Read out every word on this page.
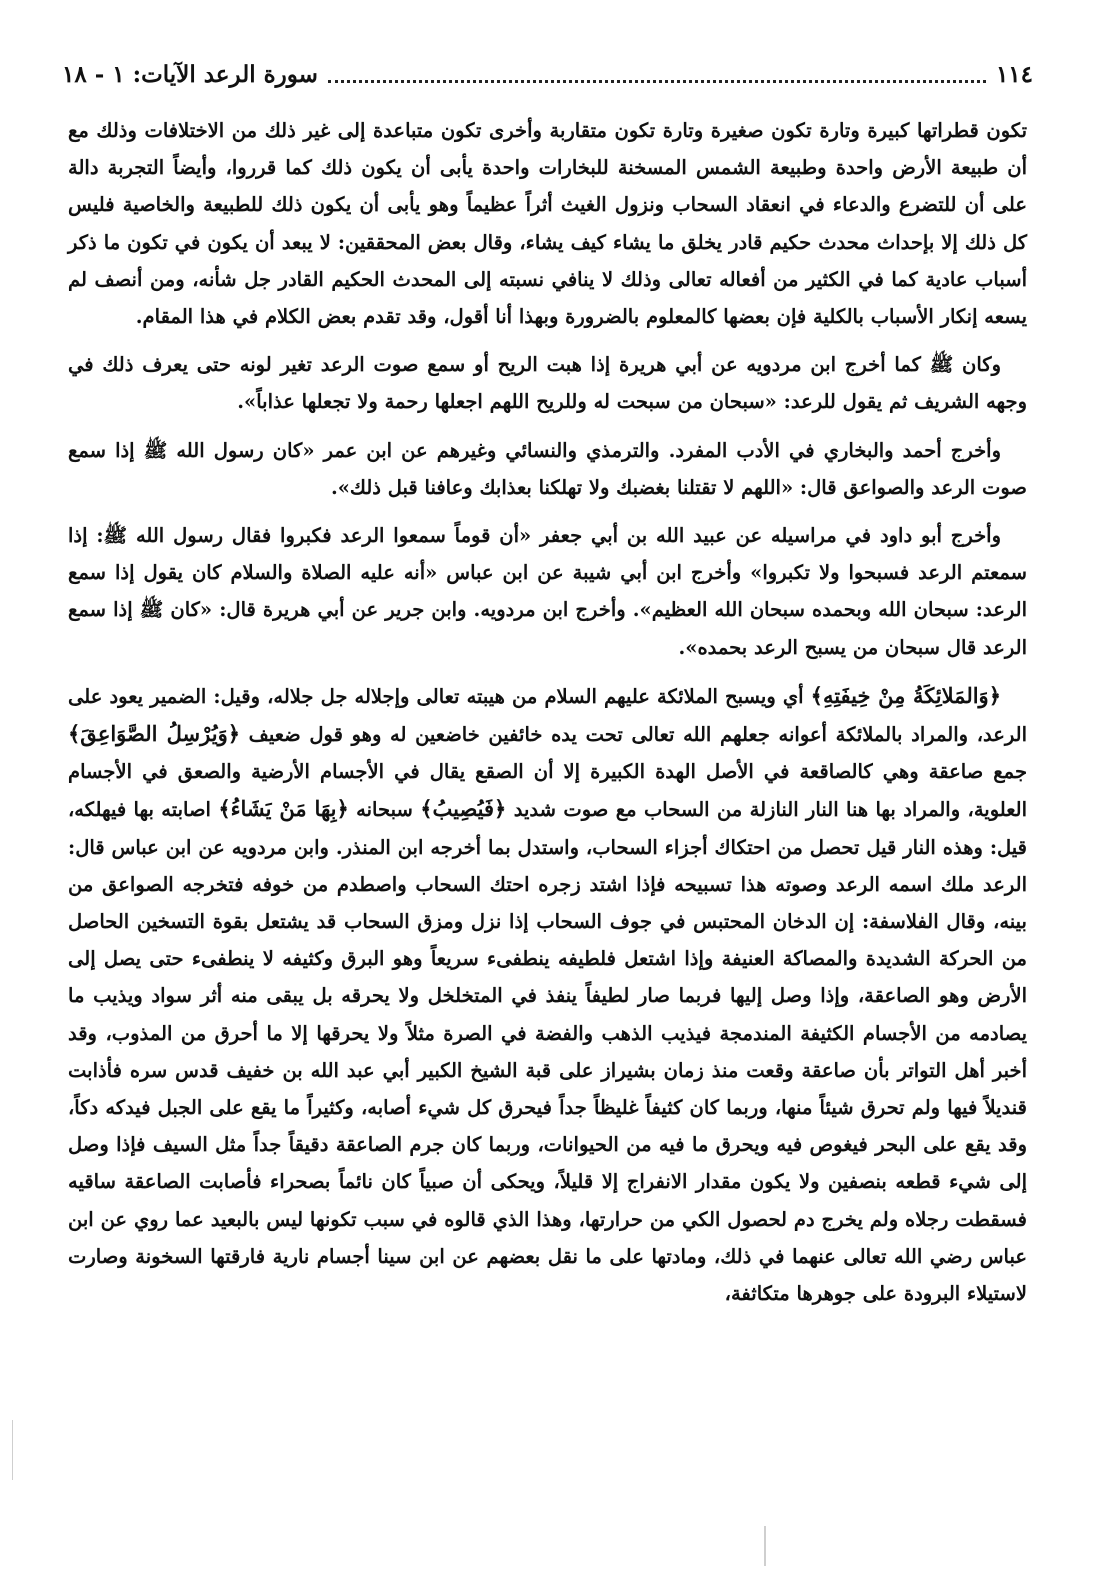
١١٤
سورة الرعد الآيات: ١ - ١٨

تكون قطراتها كبيرة وتارة تكون صغيرة وتارة تكون متقاربة وأخرى تكون متباعدة إلى غير ذلك من الاختلافات وذلك مع أن طبيعة الأرض واحدة وطبيعة الشمس المسخنة للبخارات واحدة يأبى أن يكون ذلك كما قرروا، وأيضاً التجربة دالة على أن للتضرع والدعاء في انعقاد السحاب ونزول الغيث أثراً عظيماً وهو يأبى أن يكون ذلك للطبيعة والخاصية فليس كل ذلك إلا بإحداث محدث حكيم قادر يخلق ما يشاء كيف يشاء، وقال بعض المحققين: لا يبعد أن يكون في تكون ما ذكر أسباب عادية كما في الكثير من أفعاله تعالى وذلك لا ينافي نسبته إلى المحدث الحكيم القادر جل شأنه، ومن أنصف لم يسعه إنكار الأسباب بالكلية فإن بعضها كالمعلوم بالضرورة وبهذا أنا أقول، وقد تقدم بعض الكلام في هذا المقام.

وكان ﷺ كما أخرج ابن مردويه عن أبي هريرة إذا هبت الريح أو سمع صوت الرعد تغير لونه حتى يعرف ذلك في وجهه الشريف ثم يقول للرعد: «سبحان من سبحت له وللريح اللهم اجعلها رحمة ولا تجعلها عذاباً».

وأخرج أحمد والبخاري في الأدب المفرد. والترمذي والنسائي وغيرهم عن ابن عمر «كان رسول الله ﷺ إذا سمع صوت الرعد والصواعق قال: «اللهم لا تقتلنا بغضبك ولا تهلكنا بعذابك وعافنا قبل ذلك».

وأخرج أبو داود في مراسيله عن عبيد الله بن أبي جعفر «أن قوماً سمعوا الرعد فكبروا فقال رسول الله ﷺ: إذا سمعتم الرعد فسبحوا ولا تكبروا» وأخرج ابن أبي شيبة عن ابن عباس «أنه عليه الصلاة والسلام كان يقول إذا سمع الرعد: سبحان الله وبحمده سبحان الله العظيم». وأخرج ابن مردويه. وابن جرير عن أبي هريرة قال: «كان ﷺ إذا سمع الرعد قال سبحان من يسبح الرعد بحمده».

﴿وَالمَلائِكَةُ مِنْ خِيفَتِهِ﴾ أي ويسبح الملائكة عليهم السلام من هيبته تعالى وإجلاله جل جلاله، وقيل: الضمير يعود على الرعد، والمراد بالملائكة أعوانه جعلهم الله تعالى تحت يده خائفين خاضعين له وهو قول ضعيف ﴿وَيُرْسِلُ الصَّوَاعِقَ﴾ جمع صاعقة وهي كالصاقعة في الأصل الهدة الكبيرة إلا أن الصقع يقال في الأجسام الأرضية والصعق في الأجسام العلوية، والمراد بها هنا النار النازلة من السحاب مع صوت شديد ﴿فَيُصِيبُ﴾ سبحانه ﴿بِهَا مَنْ يَشَاءُ﴾ اصابته بها فيهلكه، قيل: وهذه النار قيل تحصل من احتكاك أجزاء السحاب، واستدل بما أخرجه ابن المنذر. وابن مردويه عن ابن عباس قال: الرعد ملك اسمه الرعد وصوته هذا تسبيحه فإذا اشتد زجره احتك السحاب واصطدم من خوفه فتخرجه الصواعق من بينه، وقال الفلاسفة: إن الدخان المحتبس في جوف السحاب إذا نزل ومزق السحاب قد يشتعل بقوة التسخين الحاصل من الحركة الشديدة والمصاكة العنيفة وإذا اشتعل فلطيفه ينطفىء سريعاً وهو البرق وكثيفه لا ينطفىء حتى يصل إلى الأرض وهو الصاعقة، وإذا وصل إليها فربما صار لطيفاً ينفذ في المتخلخل ولا يحرقه بل يبقى منه أثر سواد ويذيب ما يصادمه من الأجسام الكثيفة المندمجة فيذيب الذهب والفضة في الصرة مثلاً ولا يحرقها إلا ما أحرق من المذوب، وقد أخبر أهل التواتر بأن صاعقة وقعت منذ زمان بشيراز على قبة الشيخ الكبير أبي عبد الله بن خفيف قدس سره فأذابت قنديلاً فيها ولم تحرق شيئاً منها، وربما كان كثيفاً غليظاً جداً فيحرق كل شيء أصابه، وكثيراً ما يقع على الجبل فيدكه دكاً، وقد يقع على البحر فيغوص فيه ويحرق ما فيه من الحيوانات، وربما كان جرم الصاعقة دقيقاً جداً مثل السيف فإذا وصل إلى شيء قطعه بنصفين ولا يكون مقدار الانفراج إلا قليلاً، ويحكى أن صبياً كان نائماً بصحراء فأصابت الصاعقة ساقيه فسقطت رجلاه ولم يخرج دم لحصول الكي من حرارتها، وهذا الذي قالوه في سبب تكونها ليس بالبعيد عما روي عن ابن عباس رضي الله تعالى عنهما في ذلك، ومادتها على ما نقل بعضهم عن ابن سينا أجسام نارية فارقتها السخونة وصارت لاستيلاء البرودة على جوهرها متكاثفة،
